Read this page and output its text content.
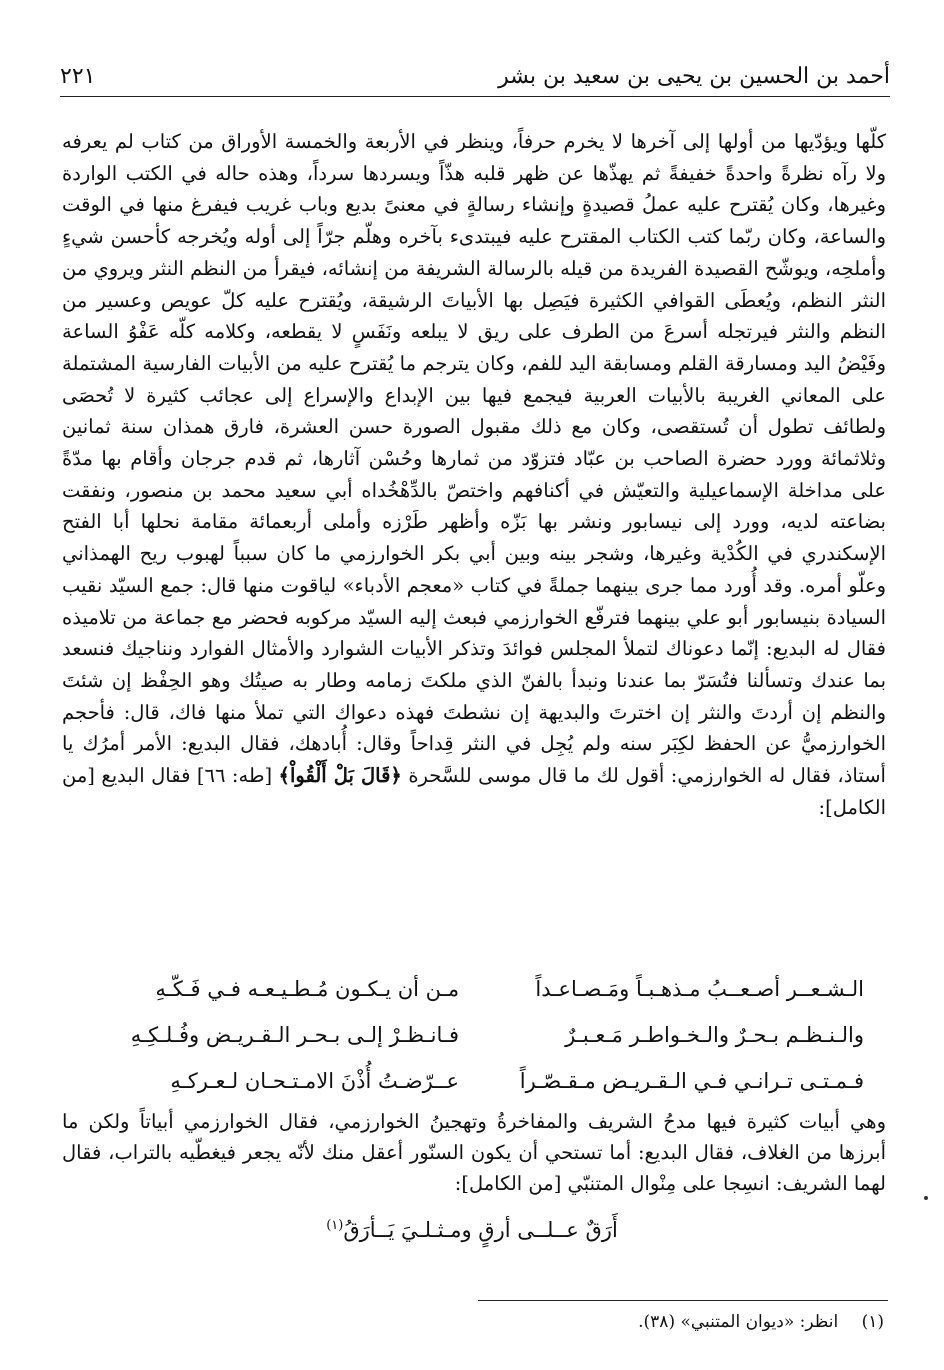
أحمد بن الحسين بن يحيى بن سعيد بن بشر
٢٢١

كلّها ويؤدّيها من أولها إلى آخرها لا يخرم حرفاً، وينظر في الأربعة والخمسة الأوراق من كتاب لم يعرفه ولا رآه نظرةً واحدةً خفيفةً ثم يهذّها عن ظهر قلبه هذّاً ويسردها سرداً، وهذه حاله في الكتب الواردة وغيرها، وكان يُقترح عليه عملُ قصيدةٍ وإنشاء رسالةٍ في معنىً بديع وباب غريب فيفرغ منها في الوقت والساعة، وكان ربّما كتب الكتاب المقترح عليه فيبتدىء بآخره وهلّم جرّاً إلى أوله ويُخرجه كأحسن شيءٍ وأملحِه، ويوشّح القصيدة الفريدة من قيله بالرسالة الشريفة من إنشائه، فيقرأ من النظم النثر ويروي من النثر النظم، ويُعطَى القوافي الكثيرة فيَصِل بها الأبياتَ الرشيقة، ويُقترح عليه كلّ عويص وعسير من النظم والنثر فيرتجله أسرعَ من الطرف على ريق لا يبلعه ونَفَسٍ لا يقطعه، وكلامه كلّه عَفْوُ الساعة وفَيْضُ اليد ومسارقة القلم ومسابقة اليد للفم، وكان يترجم ما يُقترح عليه من الأبيات الفارسية المشتملة على المعاني الغريبة بالأبيات العربية فيجمع فيها بين الإبداع والإسراع إلى عجائب كثيرة لا تُحصَى ولطائف تطول أن تُستقصى، وكان مع ذلك مقبول الصورة حسن العشرة، فارق همذان سنة ثمانين وثلاثمائة وورد حضرة الصاحب بن عبّاد فتزوّد من ثمارها وحُسْن آثارها، ثم قدم جرجان وأقام بها مدّةً على مداخلة الإسماعيلية والتعيّش في أكنافهم واختصّ بالدِّهْخُداه أبي سعيد محمد بن منصور، ونفقت بضاعته لديه، وورد إلى نيسابور ونشر بها بَزّه وأظهر طَرْزه وأملى أربعمائة مقامة نحلها أبا الفتح الإسكندري في الكُدْية وغيرها، وشجر بينه وبين أبي بكر الخوارزمي ما كان سبباً لهبوب ريح الهمذاني وعلّو أمره. وقد أُورد مما جرى بينهما جملةً في كتاب «معجم الأدباء» لياقوت منها قال: جمع السيّد نقيب السيادة بنيسابور أبو علي بينهما فترفّع الخوارزمي فبعث إليه السيّد مركوبه فحضر مع جماعة من تلاميذه فقال له البديع: إنّما دعوناك لتملأ المجلس فوائدَ وتذكر الأبيات الشوارد والأمثال الفوارد ونناجيك فنسعد بما عندك وتسألنا فتُسَرّ بما عندنا ونبدأ بالفنّ الذي ملكتَ زمامه وطار به صيتُك وهو الحِفْظ إن شئتَ والنظم إن أردتَ والنثر إن اخترتَ والبديهة إن نشطتَ فهذه دعواك التي تملأ منها فاك، قال: فأحجم الخوارزميُّ عن الحفظ لكِبَر سنه ولم يُجِل في النثر قِداحاً وقال: أُبادهك، فقال البديع: الأمر أمرُك يا أستاذ، فقال له الخوارزمي: أقول لك ما قال موسى للسَّحرة ﴿قَالَ بَلْ أَلْقُواْ﴾ [طه: ٦٦] فقال البديع [من الكامل]:

الـشـعــر أصـعــبُ مـذهـبـاً ومَـصـاعـداً
مـن أن يـكـون مُـطـيـعـه فـي فَـكّـهِ
والـنـظـم بـحـرٌ والـخـواطـر مَـعـبـرٌ
فـانـظـرْ إلـى بـحـر الـقـريـض وفُـلـكِـهِ
فـمـتـى تـرانـي فـي الـقـريـض مـقـصّـراً
عــرّضـتُ أُذْنَ الامـتـحـان لـعـركـهِ

وهي أبيات كثيرة فيها مدحُ الشريف والمفاخرةُ وتهجينُ الخوارزمي، فقال الخوارزمي أبياتاً ولكن ما أبرزها من الغلاف، فقال البديع: أما تستحي أن يكون السنّور أعقل منك لأنّه يجعر فيغطّيه بالتراب، فقال لهما الشريف: انسِجا على مِنْوال المتنبّي [من الكامل]:

أَرَقٌ عــلــى أرقٍ ومـثـلـيَ يَــأرَقُ$^{(١)}$
(١) انظر: «ديوان المتنبي» (٣٨).
